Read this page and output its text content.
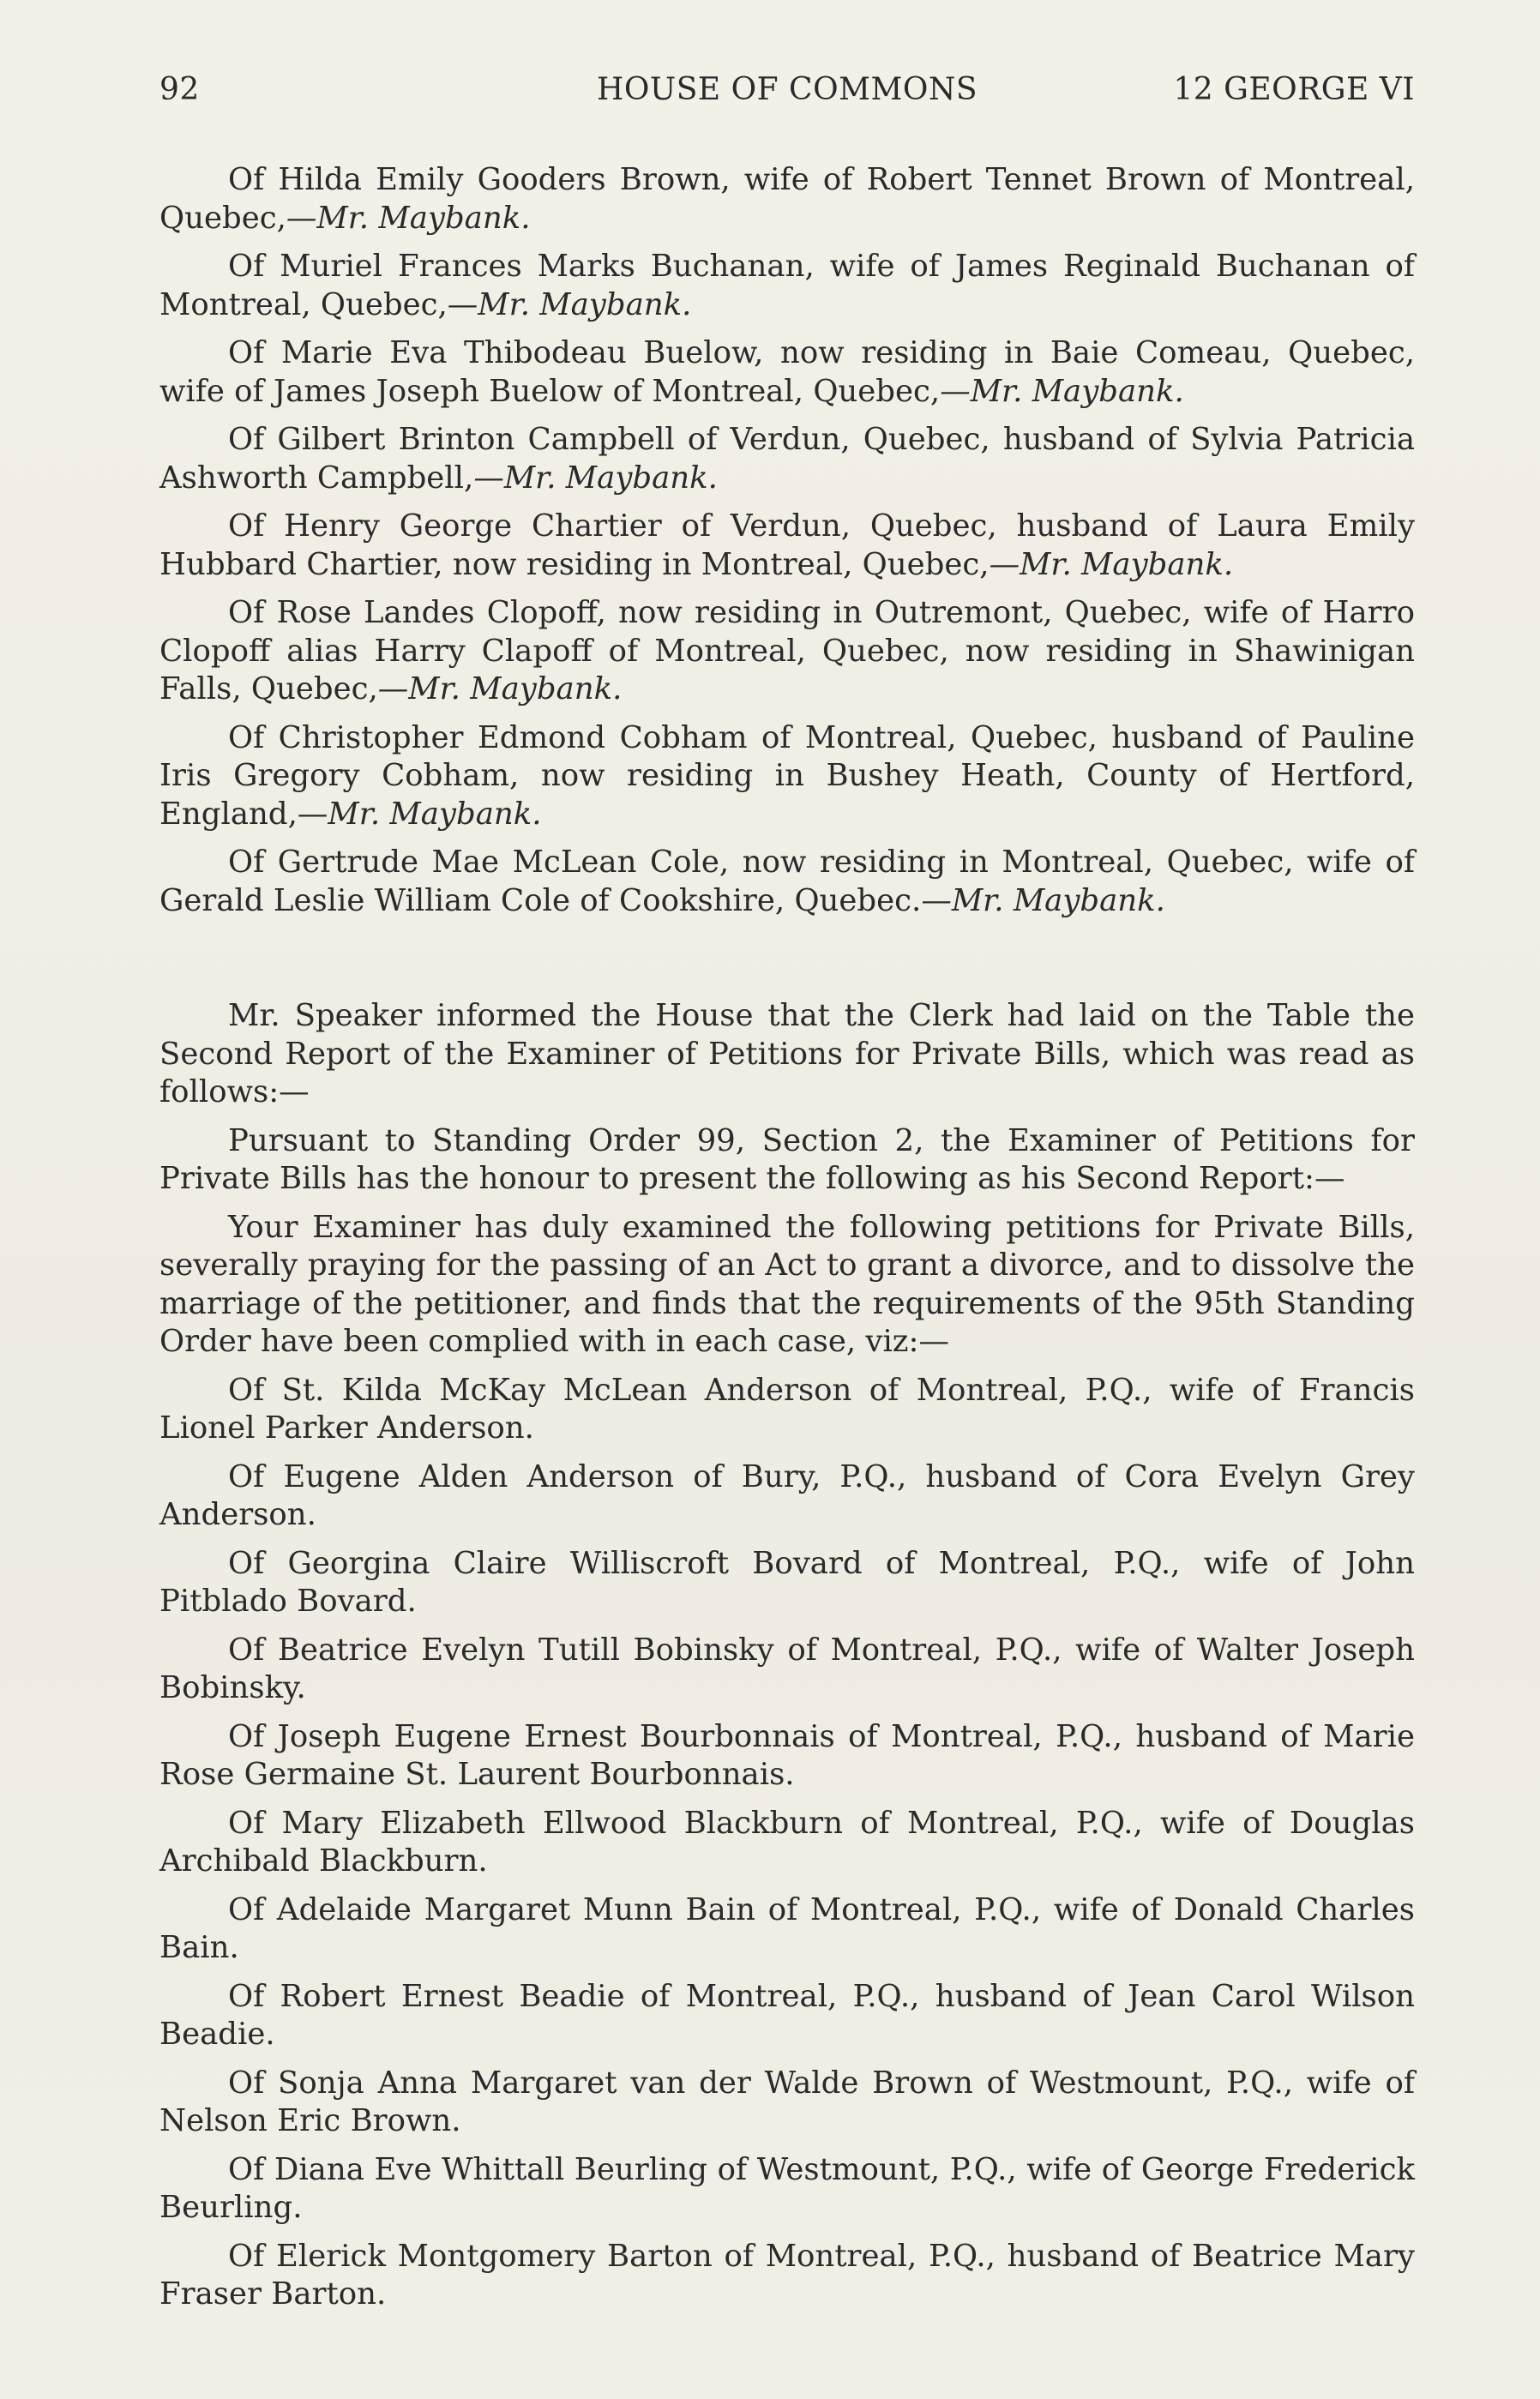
92	HOUSE OF COMMONS	12 GEORGE VI

Of Hilda Emily Gooders Brown, wife of Robert Tennet Brown of Montreal, Quebec,—Mr. Maybank.

Of Muriel Frances Marks Buchanan, wife of James Reginald Buchanan of Montreal, Quebec,—Mr. Maybank.

Of Marie Eva Thibodeau Buelow, now residing in Baie Comeau, Quebec, wife of James Joseph Buelow of Montreal, Quebec,—Mr. Maybank.

Of Gilbert Brinton Campbell of Verdun, Quebec, husband of Sylvia Patricia Ashworth Campbell,—Mr. Maybank.

Of Henry George Chartier of Verdun, Quebec, husband of Laura Emily Hubbard Chartier, now residing in Montreal, Quebec,—Mr. Maybank.

Of Rose Landes Clopoff, now residing in Outremont, Quebec, wife of Harro Clopoff alias Harry Clapoff of Montreal, Quebec, now residing in Shawinigan Falls, Quebec,—Mr. Maybank.

Of Christopher Edmond Cobham of Montreal, Quebec, husband of Pauline Iris Gregory Cobham, now residing in Bushey Heath, County of Hertford, England,—Mr. Maybank.

Of Gertrude Mae McLean Cole, now residing in Montreal, Quebec, wife of Gerald Leslie William Cole of Cookshire, Quebec.—Mr. Maybank.

Mr. Speaker informed the House that the Clerk had laid on the Table the Second Report of the Examiner of Petitions for Private Bills, which was read as follows:—

Pursuant to Standing Order 99, Section 2, the Examiner of Petitions for Private Bills has the honour to present the following as his Second Report:—

Your Examiner has duly examined the following petitions for Private Bills, severally praying for the passing of an Act to grant a divorce, and to dissolve the marriage of the petitioner, and finds that the requirements of the 95th Standing Order have been complied with in each case, viz:—

Of St. Kilda McKay McLean Anderson of Montreal, P.Q., wife of Francis Lionel Parker Anderson.

Of Eugene Alden Anderson of Bury, P.Q., husband of Cora Evelyn Grey Anderson.

Of Georgina Claire Williscroft Bovard of Montreal, P.Q., wife of John Pitblado Bovard.

Of Beatrice Evelyn Tutill Bobinsky of Montreal, P.Q., wife of Walter Joseph Bobinsky.

Of Joseph Eugene Ernest Bourbonnais of Montreal, P.Q., husband of Marie Rose Germaine St. Laurent Bourbonnais.

Of Mary Elizabeth Ellwood Blackburn of Montreal, P.Q., wife of Douglas Archibald Blackburn.

Of Adelaide Margaret Munn Bain of Montreal, P.Q., wife of Donald Charles Bain.

Of Robert Ernest Beadie of Montreal, P.Q., husband of Jean Carol Wilson Beadie.

Of Sonja Anna Margaret van der Walde Brown of Westmount, P.Q., wife of Nelson Eric Brown.

Of Diana Eve Whittall Beurling of Westmount, P.Q., wife of George Frederick Beurling.

Of Elerick Montgomery Barton of Montreal, P.Q., husband of Beatrice Mary Fraser Barton.
